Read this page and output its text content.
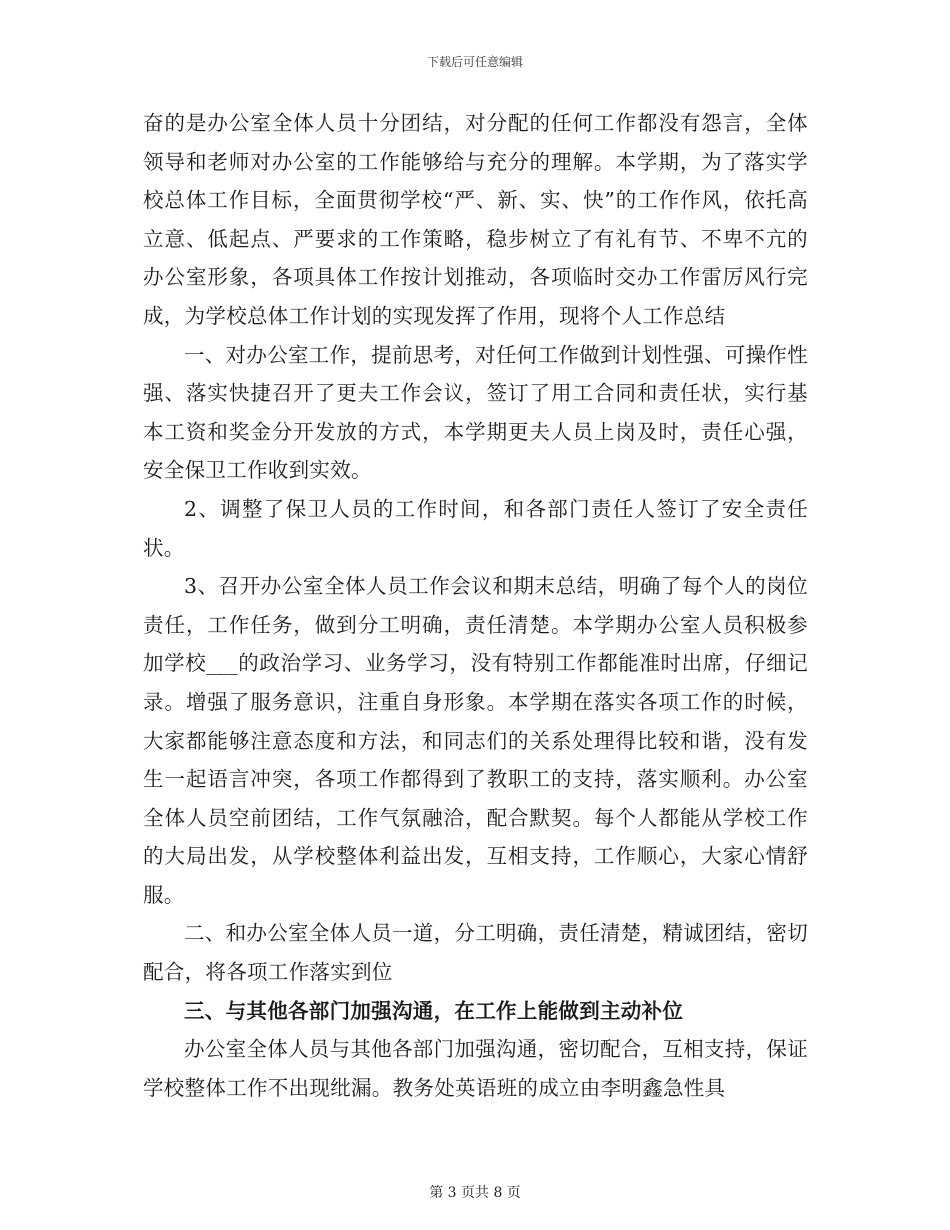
下载后可任意编辑

奋的是办公室全体人员十分团结，对分配的任何工作都没有怨言，全体领导和老师对办公室的工作能够给与充分的理解。本学期，为了落实学校总体工作目标，全面贯彻学校“严、新、实、快”的工作作风，依托高立意、低起点、严要求的工作策略，稳步树立了有礼有节、不卑不亢的办公室形象，各项具体工作按计划推动，各项临时交办工作雷厉风行完成，为学校总体工作计划的实现发挥了作用，现将个人工作总结

一、对办公室工作，提前思考，对任何工作做到计划性强、可操作性强、落实快捷召开了更夫工作会议，签订了用工合同和责任状，实行基本工资和奖金分开发放的方式，本学期更夫人员上岗及时，责任心强，安全保卫工作收到实效。

2、调整了保卫人员的工作时间，和各部门责任人签订了安全责任状。

3、召开办公室全体人员工作会议和期末总结，明确了每个人的岗位责任，工作任务，做到分工明确，责任清楚。本学期办公室人员积极参加学校___的政治学习、业务学习，没有特别工作都能准时出席，仔细记录。增强了服务意识，注重自身形象。本学期在落实各项工作的时候，大家都能够注意态度和方法，和同志们的关系处理得比较和谐，没有发生一起语言冲突，各项工作都得到了教职工的支持，落实顺利。办公室全体人员空前团结，工作气氛融洽，配合默契。每个人都能从学校工作的大局出发，从学校整体利益出发，互相支持，工作顺心，大家心情舒服。

二、和办公室全体人员一道，分工明确，责任清楚，精诚团结，密切配合，将各项工作落实到位

三、与其他各部门加强沟通，在工作上能做到主动补位

办公室全体人员与其他各部门加强沟通，密切配合，互相支持，保证学校整体工作不出现纰漏。教务处英语班的成立由李明鑫急性具

第 3 页共 8 页
